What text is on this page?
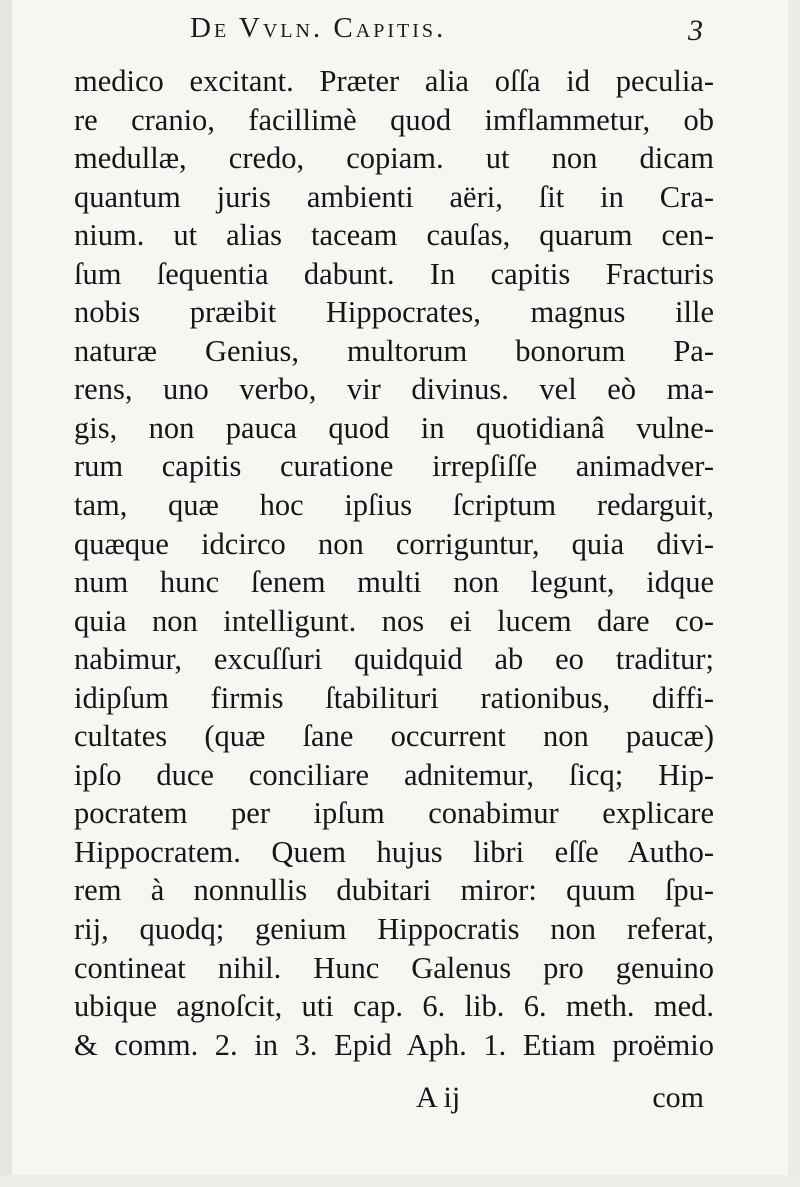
De Vvln. Capitis.	3
medico excitant. Præter alia oſſa id peculia-
re cranio, facillimè quod imflammetur, ob
medullæ, credo, copiam. ut non dicam
quantum juris ambienti aëri, ſit in Cra-
nium. ut alias taceam cauſas, quarum cen-
ſum ſequentia dabunt. In capitis Fracturis
nobis præibit Hippocrates, magnus ille
naturæ Genius, multorum bonorum Pa-
rens, uno verbo, vir divinus. vel eò ma-
gis, non pauca quod in quotidianâ vulne-
rum capitis curatione irrepſiſſe animadver-
tam, quæ hoc ipſius ſcriptum redarguit,
quæque idcirco non corriguntur, quia divi-
num hunc ſenem multi non legunt, idque
quia non intelligunt. nos ei lucem dare co-
nabimur, excuſſuri quidquid ab eo traditur;
idipſum firmis ſtabilituri rationibus, diffi-
cultates (quæ ſane occurrent non paucæ)
ipſo duce conciliare adnitemur, ſicq; Hip-
pocratem per ipſum conabimur explicare
Hippocratem. Quem hujus libri eſſe Autho-
rem à nonnullis dubitari miror: quum ſpu-
rij, quodq; genium Hippocratis non referat,
contineat nihil. Hunc Galenus pro genuino
ubique agnoſcit, uti cap. 6. lib. 6. meth. med.
& comm. 2. in 3. Epid Aph. 1. Etiam proëmio
A ij	com
